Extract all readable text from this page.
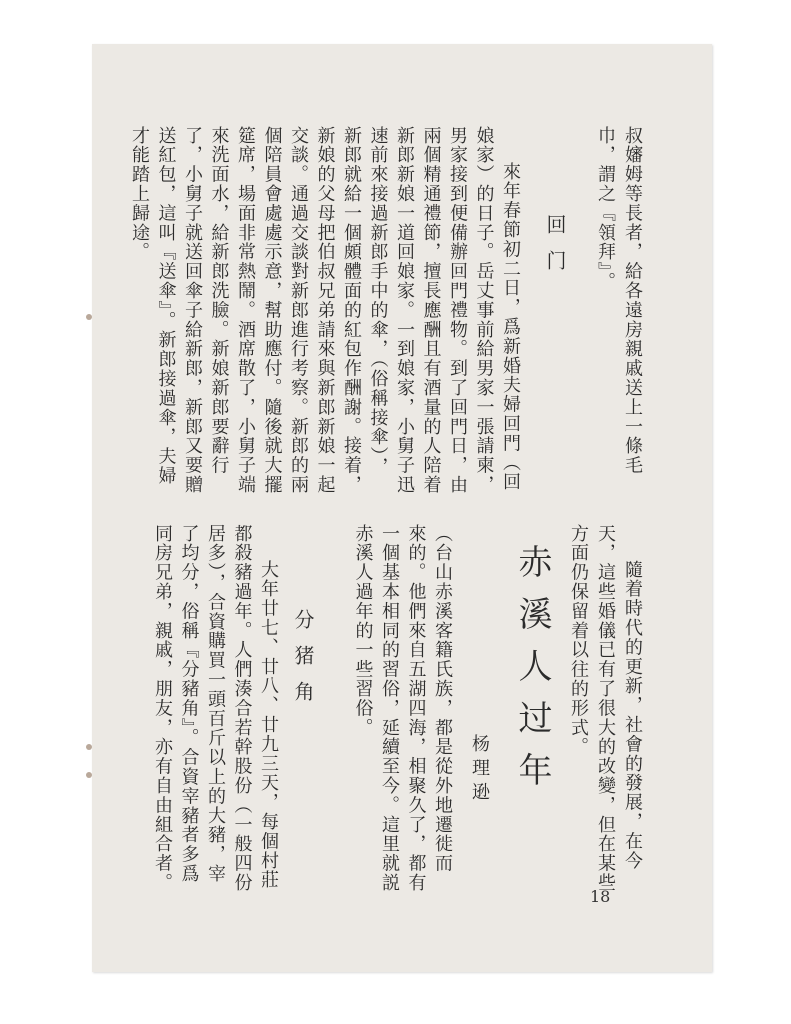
叔嬸姆等長者，給各遠房親戚送上一條毛
巾，謂之『領拜』。
回门
來年春節初二日，爲新婚夫婦回門（回
娘家）的日子。岳丈事前給男家一張請柬，
男家接到便備辦回門禮物。到了回門日，由
兩個精通禮節，擅長應酬且有酒量的人陪着
新郎新娘一道回娘家。一到娘家，小舅子迅
速前來接過新郎手中的傘，（俗稱接傘），
新郎就給一個頗體面的紅包作酬謝。接着，
新娘的父母把伯叔兄弟請來與新郎新娘一起
交談。通過交談對新郎進行考察。新郎的兩
個陪員會處處示意，幫助應付。隨後就大擺
筵席，場面非常熱鬧。酒席散了，小舅子端
來洗面水，給新郎洗臉。新娘新郎要辭行
了，小舅子就送回傘子給新郎，新郎又要贈
送紅包，這叫『送傘』。新郎接過傘，夫婦
才能踏上歸途。
隨着時代的更新，社會的發展，在今
天，這些婚儀已有了很大的改變，但在某些
方面仍保留着以往的形式。
赤溪人过年
杨理逊
（台山赤溪客籍氏族，都是從外地遷徙而
來的。他們來自五湖四海，相聚久了，都有
一個基本相同的習俗，延續至今。這里就説
赤溪人過年的一些習俗。
分猪角
大年廿七、廿八、廿九三天，每個村莊
都殺豬過年。人們湊合若幹股份（一般四份
居多），合資購買一頭百斤以上的大豬，宰
了均分，俗稱『分豬角』。合資宰豬者多爲
同房兄弟，親戚，朋友，亦有自由組合者。
18
